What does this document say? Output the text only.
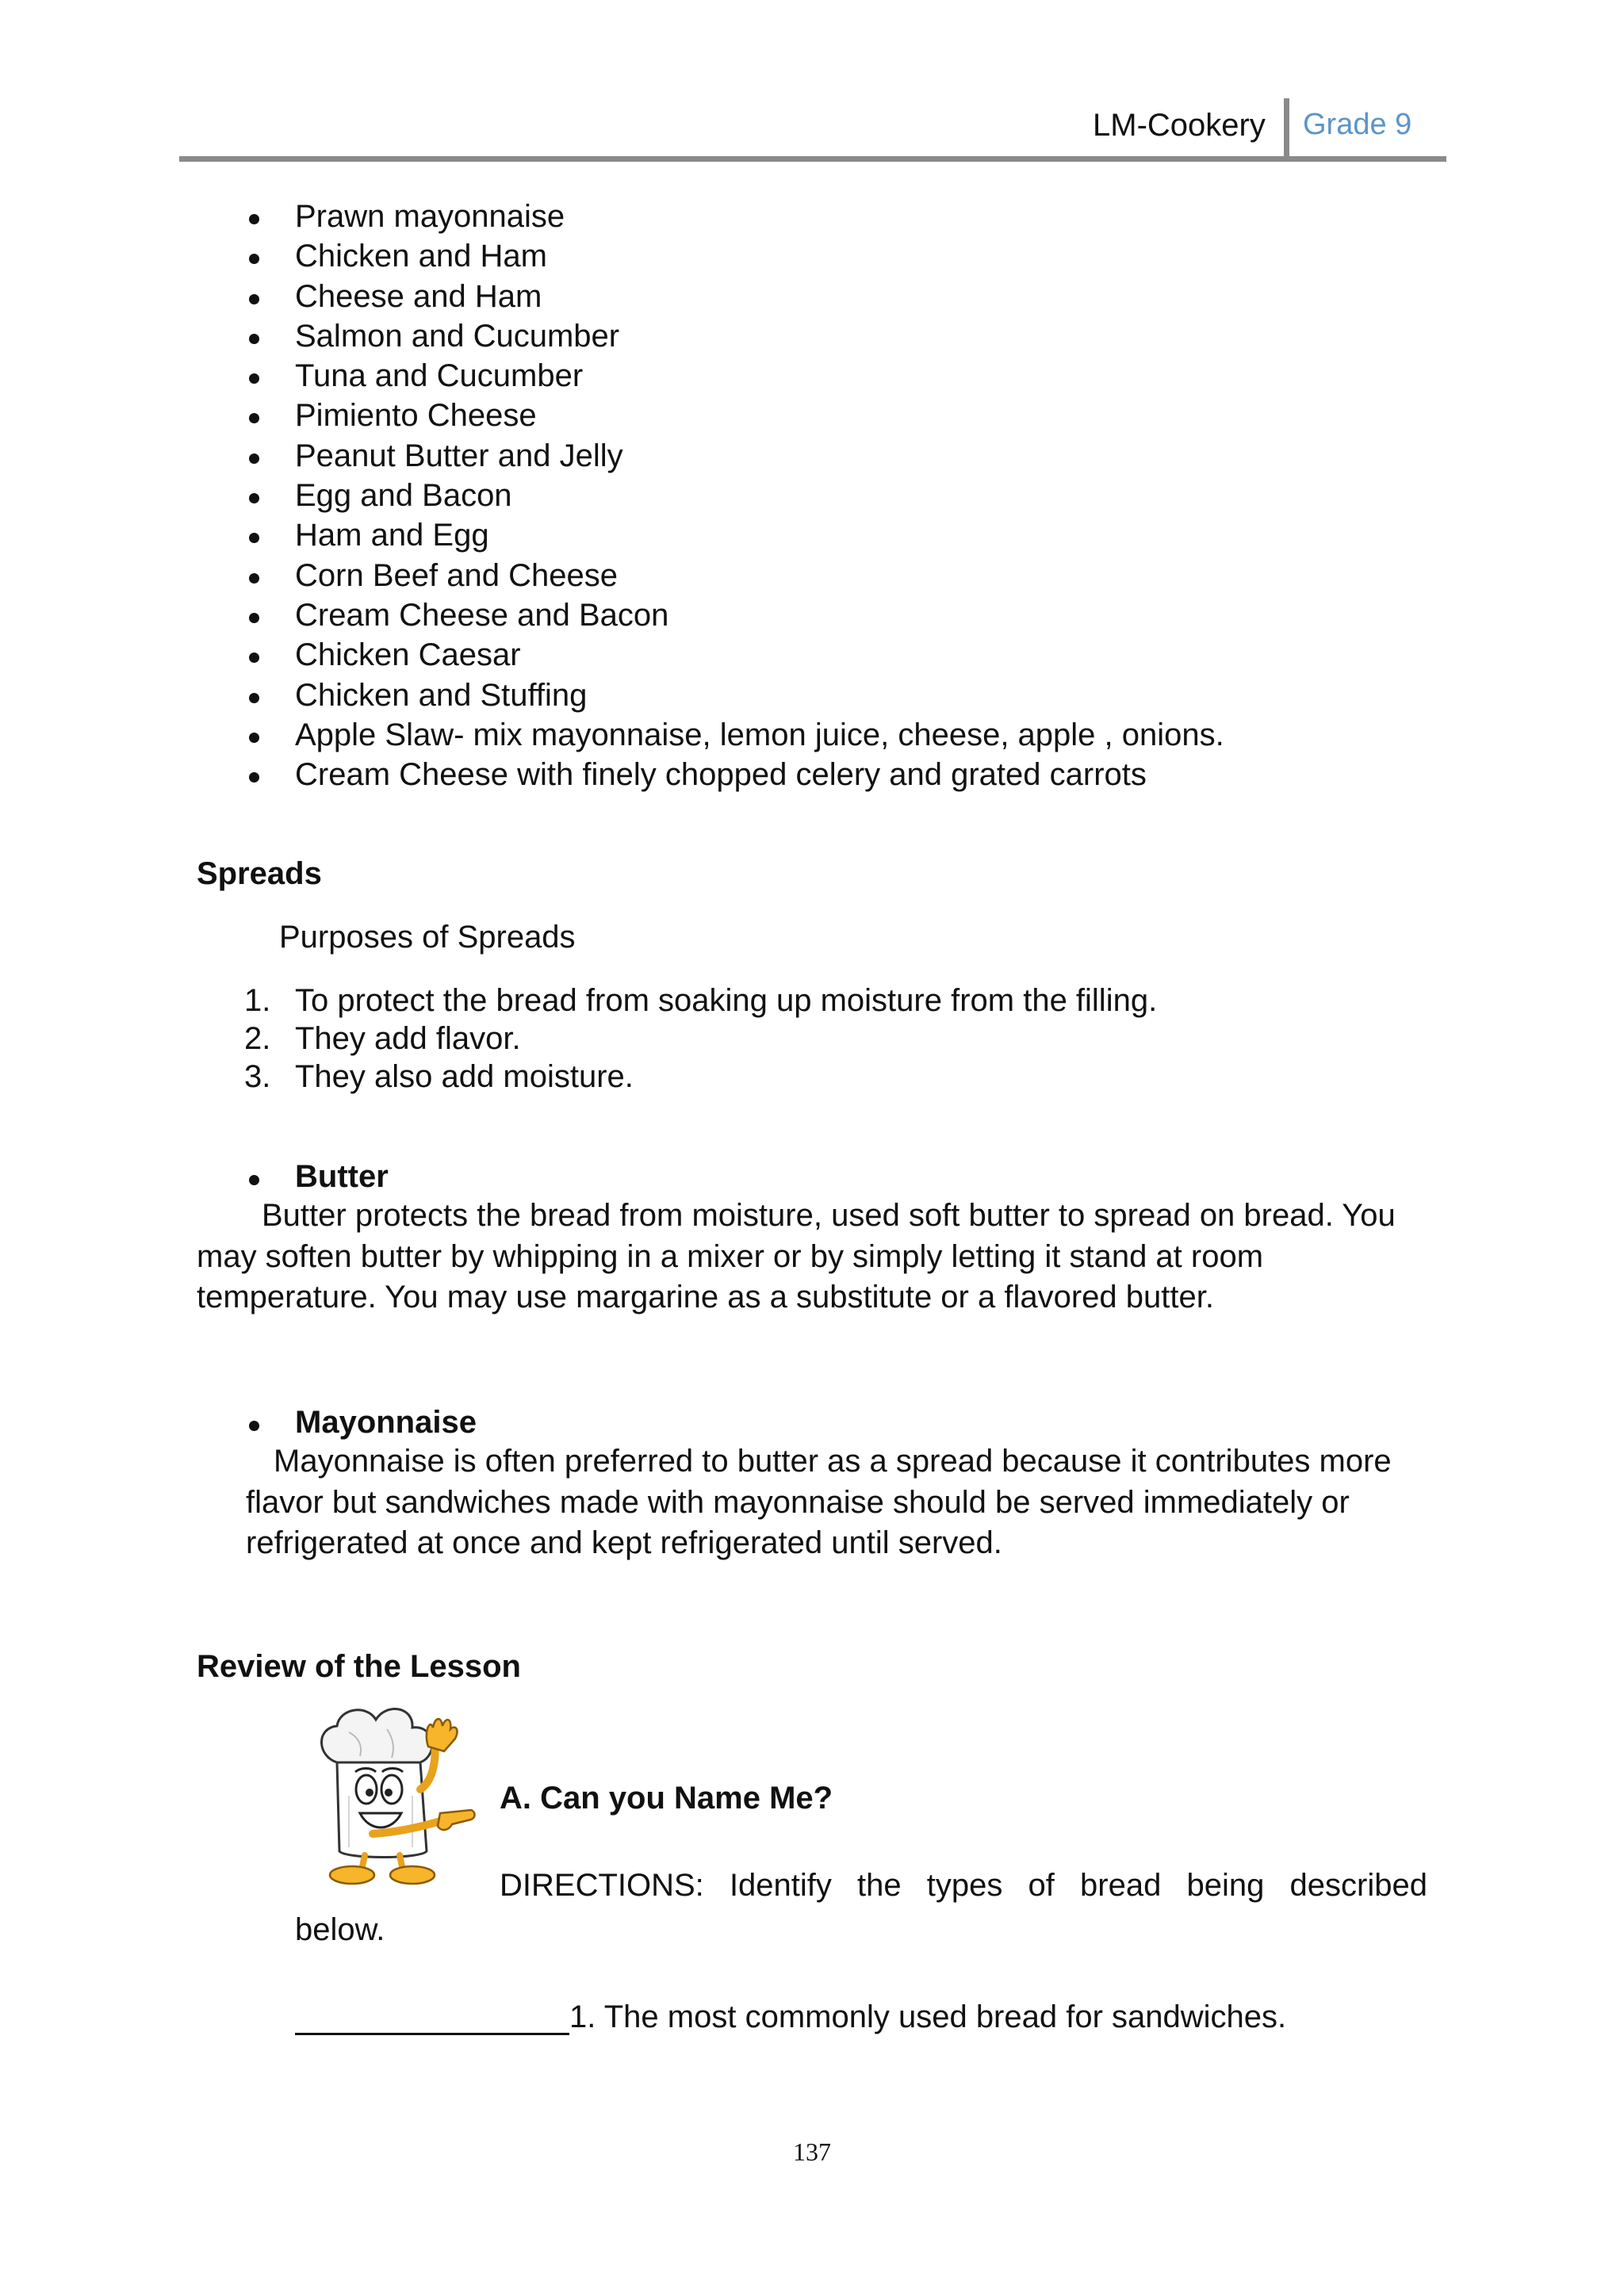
LM-Cookery Grade 9
Prawn mayonnaise
Chicken and Ham
Cheese and Ham
Salmon and Cucumber
Tuna and Cucumber
Pimiento Cheese
Peanut Butter and Jelly
Egg and Bacon
Ham and Egg
Corn Beef and Cheese
Cream Cheese and Bacon
Chicken Caesar
Chicken and Stuffing
Apple Slaw- mix mayonnaise, lemon juice, cheese, apple , onions.
Cream Cheese with finely chopped celery and grated carrots
Spreads
Purposes of Spreads
1. To protect the bread from soaking up moisture from the filling.
2. They add flavor.
3. They also add moisture.
Butter

Butter protects the bread from moisture, used soft butter to spread on bread. You may soften butter by whipping in a mixer or by simply letting it stand at room temperature. You may use margarine as a substitute or a flavored butter.

Mayonnaise

Mayonnaise is often preferred to butter as a spread because it contributes more flavor but sandwiches made with mayonnaise should be served immediately or refrigerated at once and kept refrigerated until served.

Review of the Lesson
A. Can you Name Me?
DIRECTIONS: Identify the types of bread being described
below.
1. The most commonly used bread for sandwiches.
137
